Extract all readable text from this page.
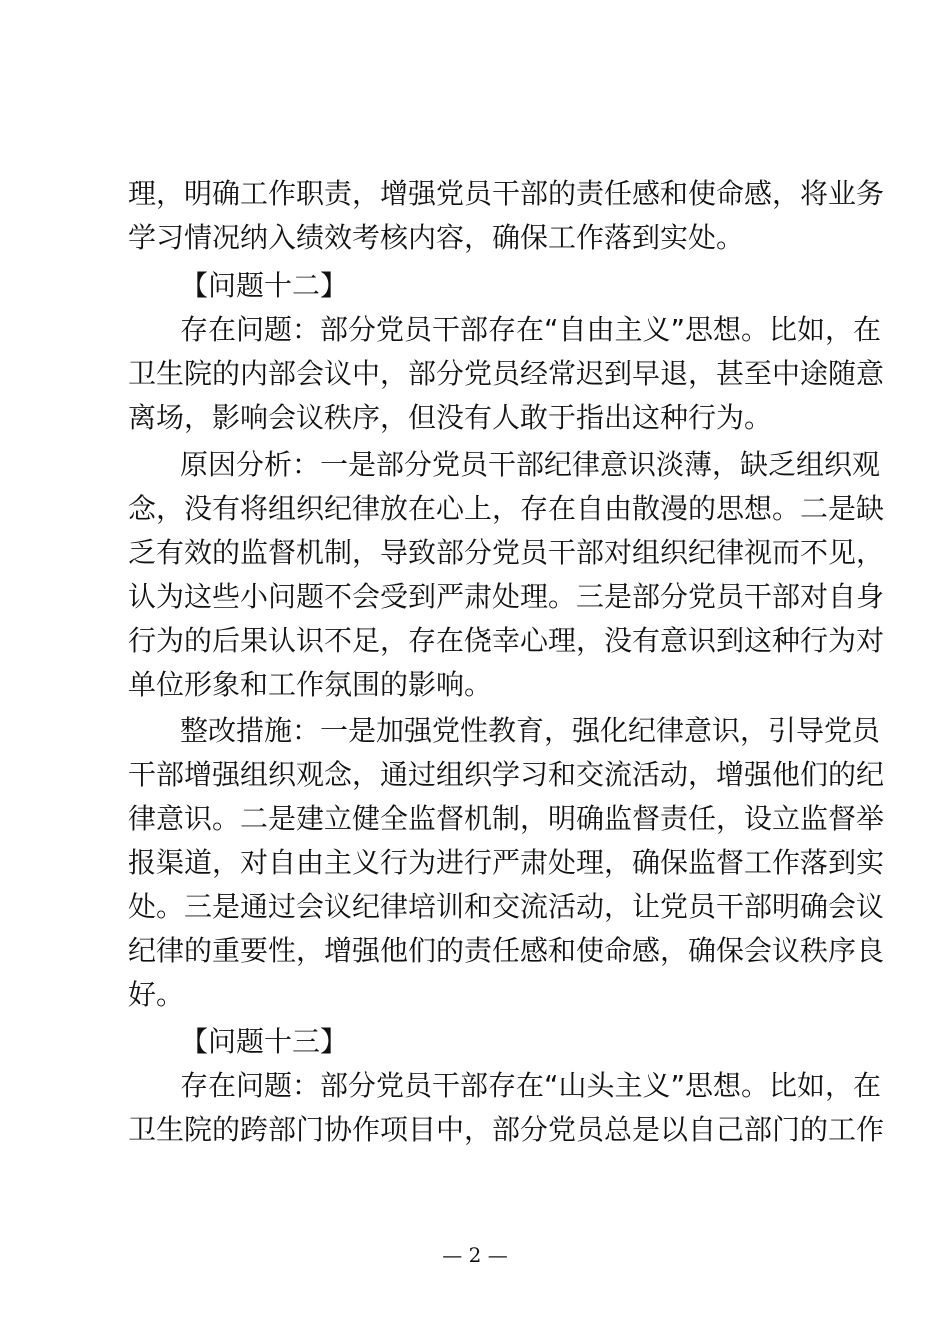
理，明确工作职责，增强党员干部的责任感和使命感，将业务
学习情况纳入绩效考核内容，确保工作落到实处。
【问题十二】
存在问题：部分党员干部存在“自由主义”思想。比如，在
卫生院的内部会议中，部分党员经常迟到早退，甚至中途随意
离场，影响会议秩序，但没有人敢于指出这种行为。
原因分析：一是部分党员干部纪律意识淡薄，缺乏组织观
念，没有将组织纪律放在心上，存在自由散漫的思想。二是缺
乏有效的监督机制，导致部分党员干部对组织纪律视而不见，
认为这些小问题不会受到严肃处理。三是部分党员干部对自身
行为的后果认识不足，存在侥幸心理，没有意识到这种行为对
单位形象和工作氛围的影响。
整改措施：一是加强党性教育，强化纪律意识，引导党员
干部增强组织观念，通过组织学习和交流活动，增强他们的纪
律意识。二是建立健全监督机制，明确监督责任，设立监督举
报渠道，对自由主义行为进行严肃处理，确保监督工作落到实
处。三是通过会议纪律培训和交流活动，让党员干部明确会议
纪律的重要性，增强他们的责任感和使命感，确保会议秩序良
好。
【问题十三】
存在问题：部分党员干部存在“山头主义”思想。比如，在
卫生院的跨部门协作项目中，部分党员总是以自己部门的工作
— 2 —
